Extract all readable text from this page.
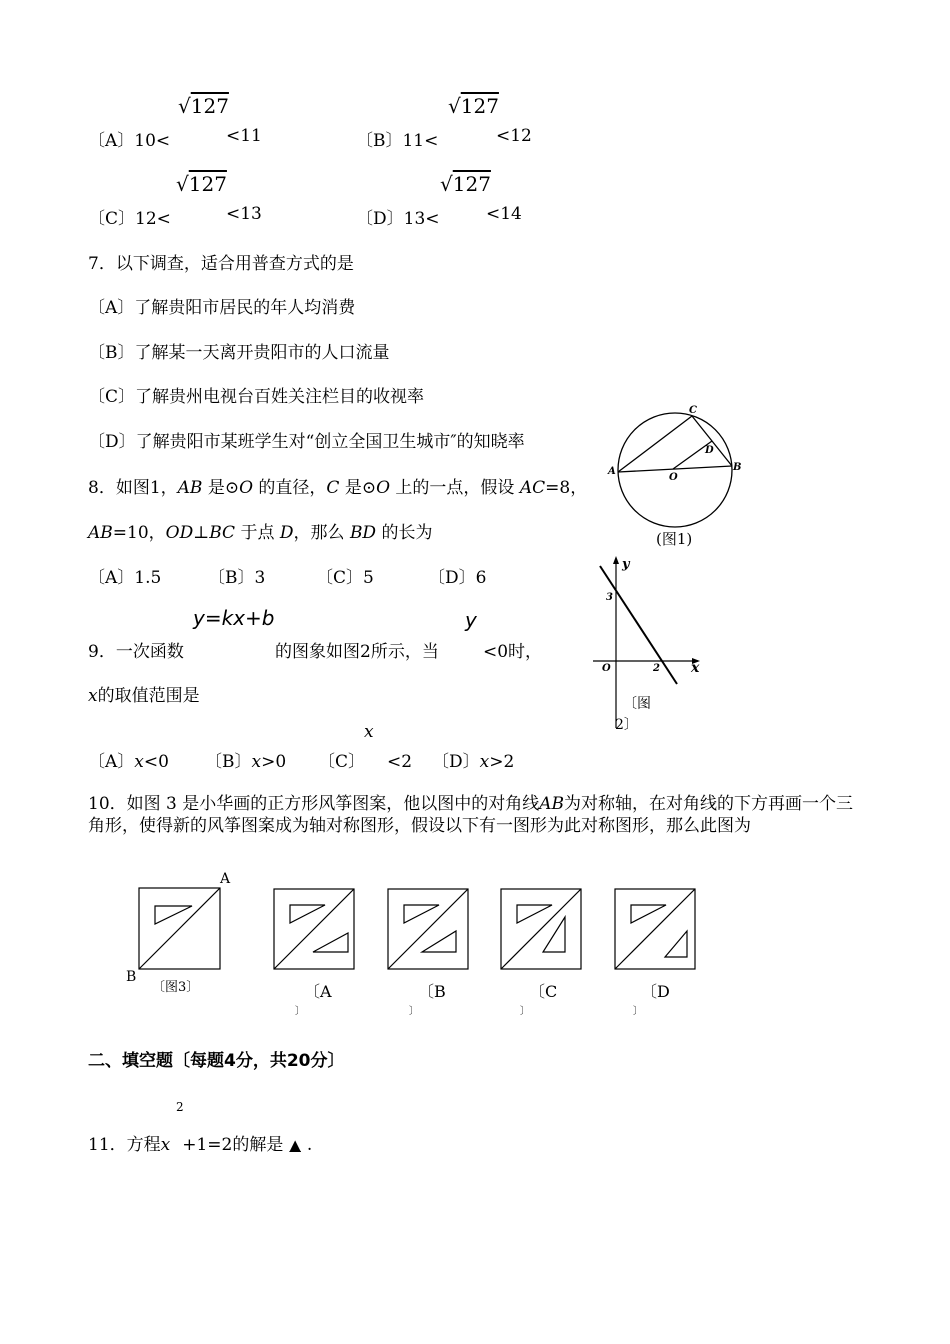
√127
〔A〕10<	<11
√127
〔B〕11<	<12
√127
〔C〕12<	<13
√127
〔D〕13<	<14
7．以下调查，适合用普查方式的是
〔A〕了解贵阳市居民的年人均消费
〔B〕了解某一天离开贵阳市的人口流量
〔C〕了解贵州电视台百姓关注栏目的收视率
〔D〕了解贵阳市某班学生对“创立全国卫生城市″的知晓率
8．如图1，AB 是⊙O 的直径，C 是⊙O 上的一点，假设 AC=8，
AB=10，OD⊥BC 于点 D，那么 BD 的长为
〔A〕1.5	〔B〕3	〔C〕5	〔D〕6
A	B
C
D
O
(图1)
y=kx+b	y
9．一次函数	的图象如图2所示，当	<0时，
x的取值范围是
x
〔A〕x<0 〔B〕x>0 〔C〕 <2 〔D〕x>2
y
x
O
3
2
〔图
2〕
10．如图 3 是小华画的正方形风筝图案，他以图中的对角线AB为对称轴，在对角线的下方再画一个三角形，使得新的风筝图案成为轴对称图形，假设以下有一图形为此对称图形，那么此图为
A
B
〔图3〕	〔A
〕
〔B
〕
〔C
〕
〔D
〕
二、填空题〔每题4分，共20分〕
2
11．方程x +1=2的解是 ▲ .
